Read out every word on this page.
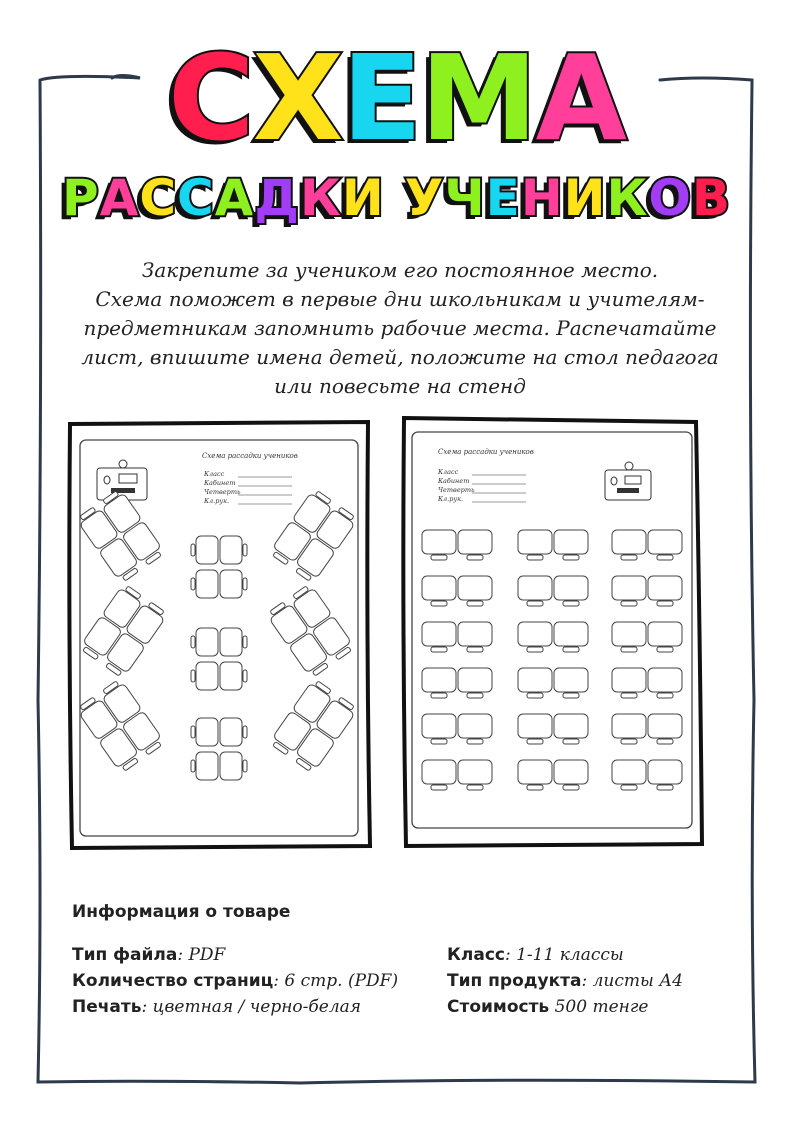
СХЕМА
РАССАДКИ УЧЕНИКОВ
Закрепите за учеником его постоянное место.
Схема поможет в первые дни школьникам и учителям-
предметникам запомнить рабочие места. Распечатайте
лист, впишите имена детей, положите на стол педагога
или повесьте на стенд
Схема рассадки учеников
Класс
Кабинет
Четверть
Кл.рук.
Схема рассадки учеников
Класс
Кабинет
Четверть
Кл.рук.
Информация о товаре
Тип файла: PDF
Количество страниц: 6 стр. (PDF)
Печать: цветная / черно-белая
Класс: 1-11 классы
Тип продукта: листы А4
Стоимость 500 тенге
